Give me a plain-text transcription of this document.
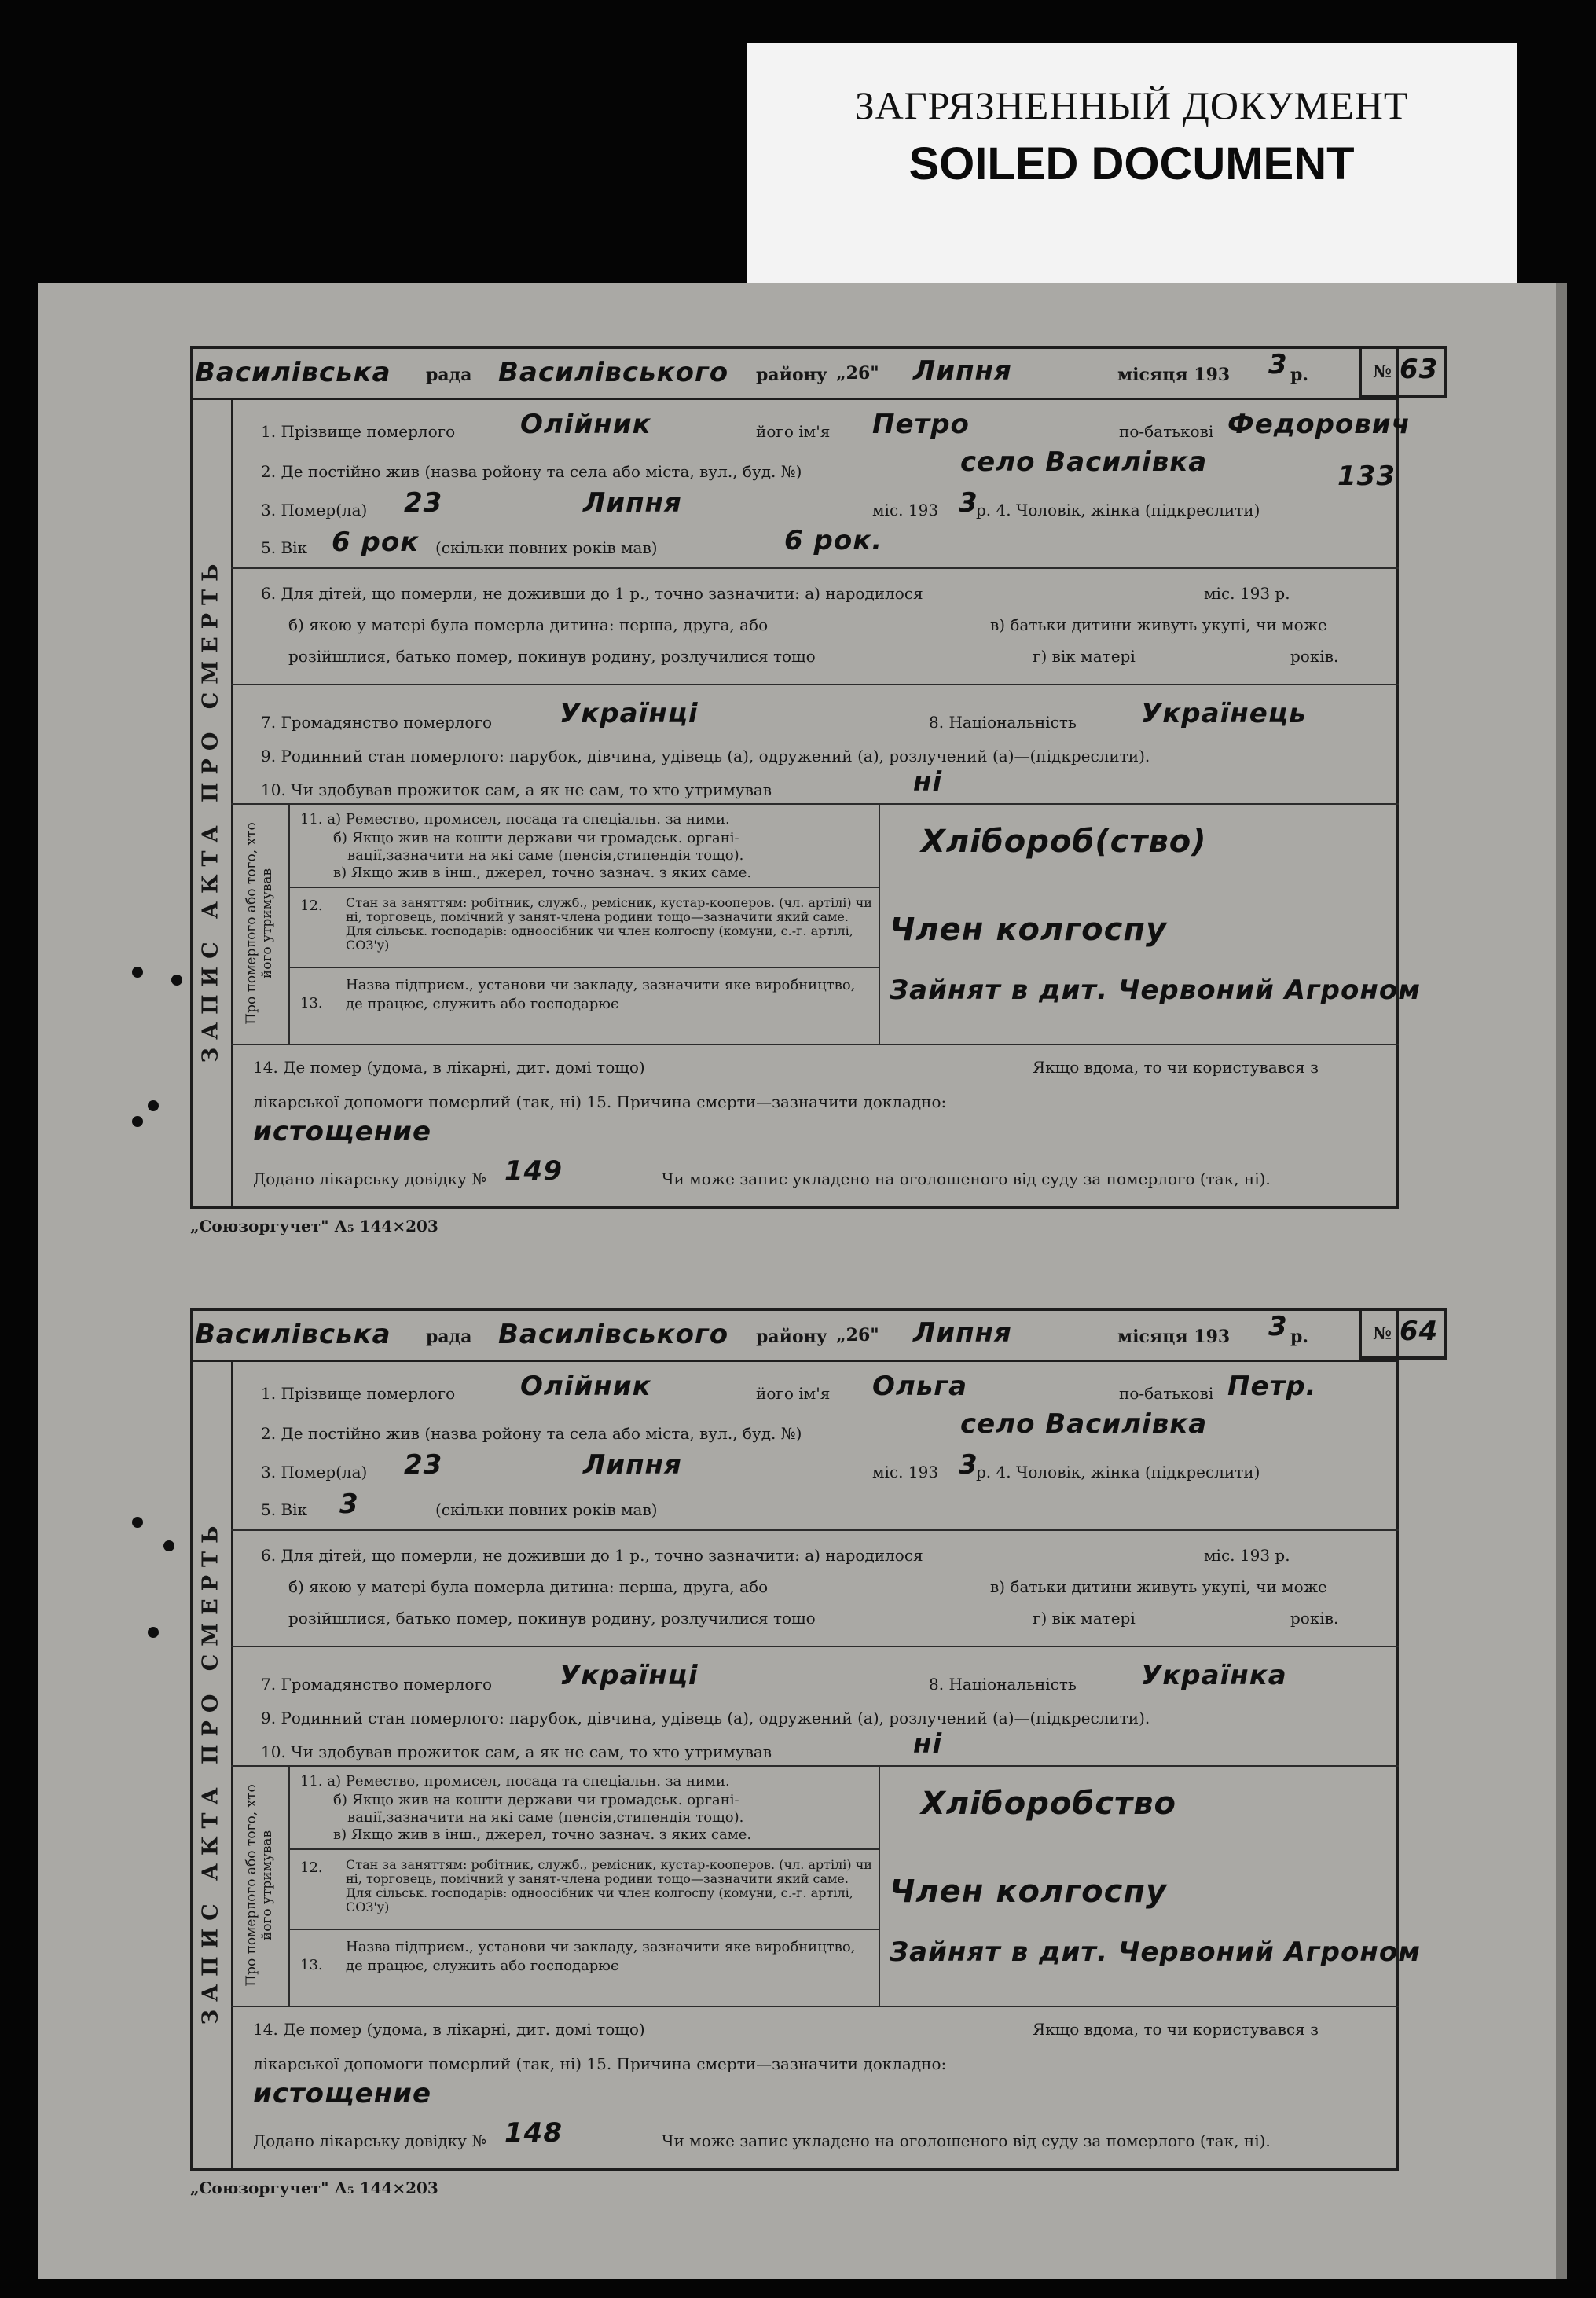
ЗАГРЯЗНЕННЫЙ ДОКУМЕНТ
SOILED DOCUMENT
№ 63
ЗАПИС АКТА ПРО СМЕРТЬ
Василівська рада Василівського району „26" Липня	місяця 193 3 р.
1. Прізвище померлого Олійник	його ім'я Петро	по-батькові Федорович
2. Де постійно жив (назва ройону та села або міста, вул., буд. №)	село Василівка	133
3. Помер(ла) 23	Липня	міс. 193 3
р. 4. Чоловік, жінка (підкреслити)
5. Вік 6 рок (скільки повних років мав)	6 рок.
6. Для дітей, що померли, не доживши до 1 р., точно зазначити: а) народилося	міс. 193 р.
б) якою у матері була померла дитина: перша, друга, або	в) батьки дитини живуть укупі, чи може
розійшлися, батько помер, покинув родину, розлучилися тощо	г) вік матері	років.
7. Громадянство померлого	Українці	8. Національність Українець
9. Родинний стан померлого: парубок, дівчина, удівець (а), одружений (а), розлучений (а)—(підкреслити).
10. Чи здобував прожиток сам, а як не сам, то хто утримував	ні
Про померлого або того, хто його утримував
11. а) Ремество, промисел, посада та спеціальн. за ними.
б) Якщо жив на кошти держави чи громадськ. органі-
вації,зазначити на які саме (пенсія,стипендія тощо).
в) Якщо жив в інш., джерел, точно зазнач. з яких саме.
Хлібороб(ство)
12. Стан за заняттям: робітник, служб., ремісник, кустар-кооперов. (чл. артілі) чи ні, торговець, помічний у занят-члена родини тощо—зазначити який саме. Для сільськ. господарів: одноосібник чи член колгоспу (комуни, с.-г. артілі, СОЗ'у)	Член колгоспу
13.
Назва підприєм., установи чи закладу, зазначити яке виробництво, де працює, служить або господарює	Зайнят в дит. Червоний Агроном
14. Де помер (удома, в лікарні, дит. домі тощо)	Якщо вдома, то чи користувався з
лікарської допомоги померлий (так, ні) 15. Причина смерти—зазначити докладно:
истощение
Додано лікарську довідку № 149	Чи може запис укладено на оголошеного від суду за померлого (так, ні).
„Союзоргучет" А₅ 144×203
№ 64
ЗАПИС АКТА ПРО СМЕРТЬ
Василівська рада Василівського району „26" Липня	місяця 193 3 р.
1. Прізвище померлого Олійник	його ім'я Ольга	по-батькові Петр.
2. Де постійно жив (назва ройону та села або міста, вул., буд. №)	село Василівка
3. Помер(ла) 23	Липня	міс. 193 3
р. 4. Чоловік, жінка (підкреслити)
5. Вік 3	(скільки повних років мав)
6. Для дітей, що померли, не доживши до 1 р., точно зазначити: а) народилося	міс. 193 р.
б) якою у матері була померла дитина: перша, друга, або	в) батьки дитини живуть укупі, чи може
розійшлися, батько помер, покинув родину, розлучилися тощо	г) вік матері	років.
7. Громадянство померлого	Українці	8. Національність Українка
9. Родинний стан померлого: парубок, дівчина, удівець (а), одружений (а), розлучений (а)—(підкреслити).
10. Чи здобував прожиток сам, а як не сам, то хто утримував	ні
Про померлого або того, хто його утримував
11. а) Ремество, промисел, посада та спеціальн. за ними.
б) Якщо жив на кошти держави чи громадськ. органі-
вації,зазначити на які саме (пенсія,стипендія тощо).
в) Якщо жив в інш., джерел, точно зазнач. з яких саме.
Хліборобство
12. Стан за заняттям: робітник, служб., ремісник, кустар-кооперов. (чл. артілі) чи ні, торговець, помічний у занят-члена родини тощо—зазначити який саме. Для сільськ. господарів: одноосібник чи член колгоспу (комуни, с.-г. артілі, СОЗ'у)	Член колгоспу
13.
Назва підприєм., установи чи закладу, зазначити яке виробництво, де працює, служить або господарює	Зайнят в дит. Червоний Агроном
14. Де помер (удома, в лікарні, дит. домі тощо)	Якщо вдома, то чи користувався з
лікарської допомоги померлий (так, ні) 15. Причина смерти—зазначити докладно:
истощение
Додано лікарську довідку № 148	Чи може запис укладено на оголошеного від суду за померлого (так, ні).
„Союзоргучет" А₅ 144×203
